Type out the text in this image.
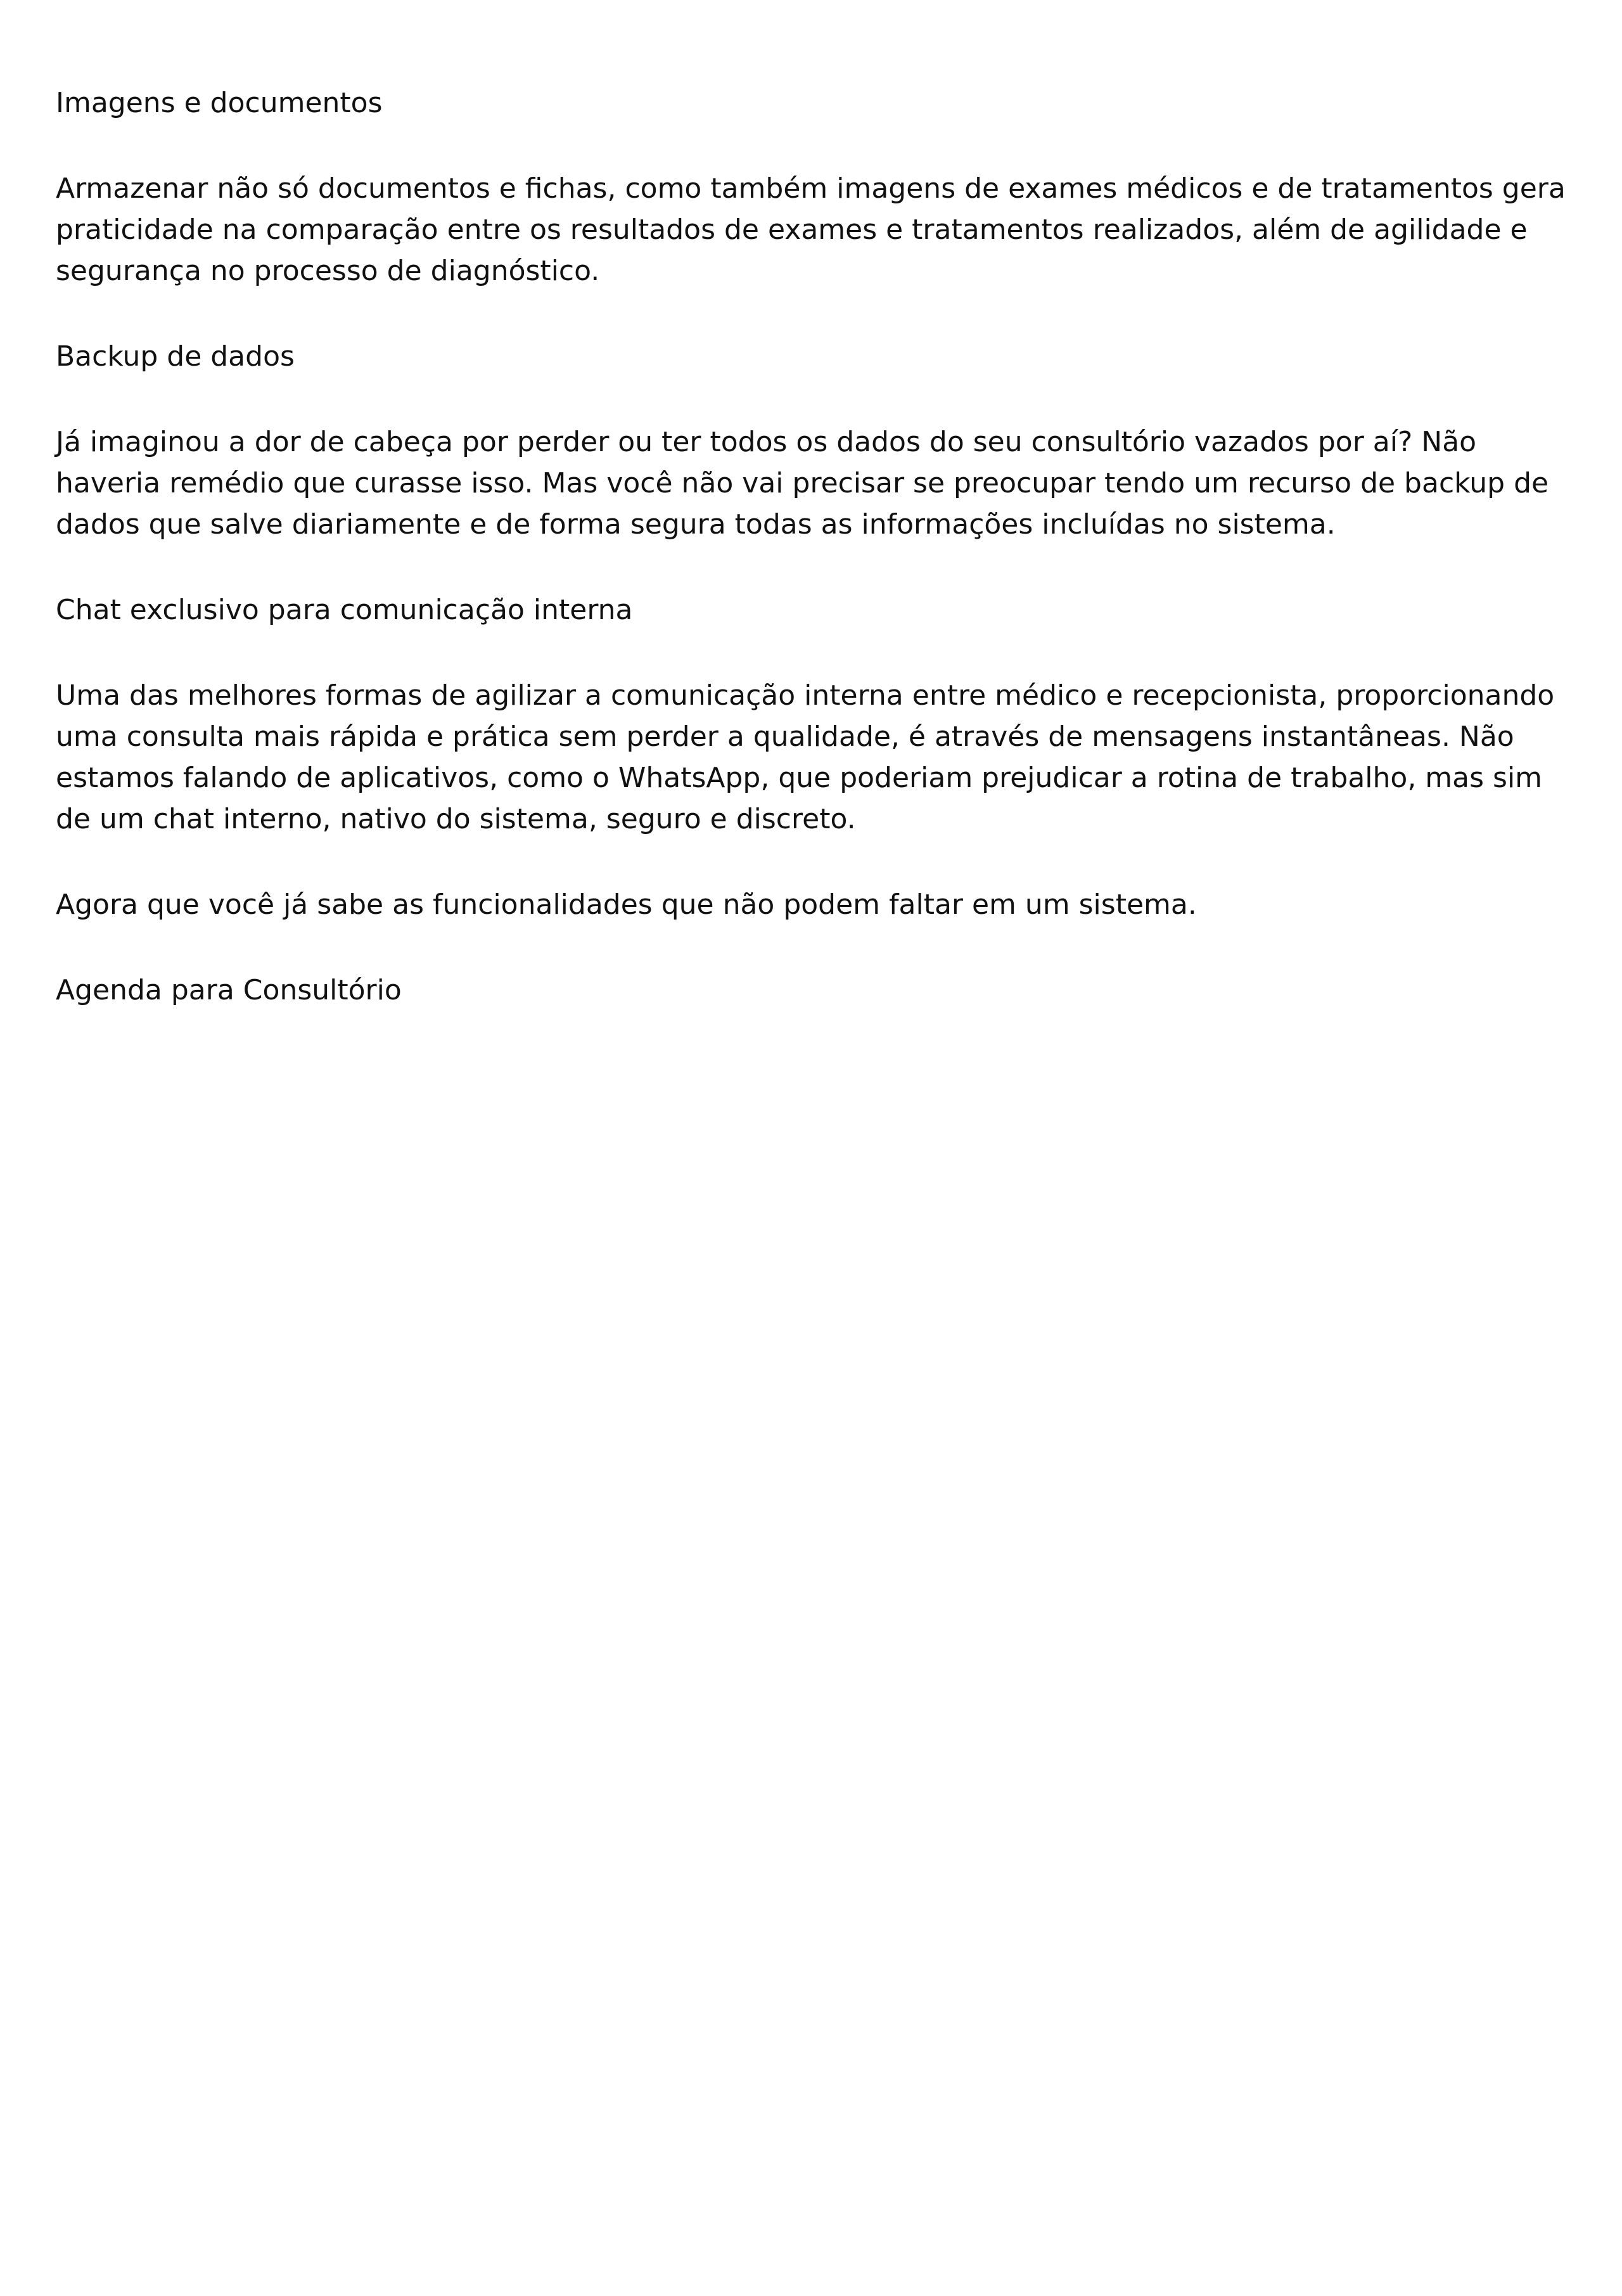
Imagens e documentos

Armazenar não só documentos e fichas, como também imagens de exames médicos e de tratamentos gera praticidade na comparação entre os resultados de exames e tratamentos realizados, além de agilidade e segurança no processo de diagnóstico.

Backup de dados

Já imaginou a dor de cabeça por perder ou ter todos os dados do seu consultório vazados por aí? Não haveria remédio que curasse isso. Mas você não vai precisar se preocupar tendo um recurso de backup de dados que salve diariamente e de forma segura todas as informações incluídas no sistema.

Chat exclusivo para comunicação interna

Uma das melhores formas de agilizar a comunicação interna entre médico e recepcionista, proporcionando uma consulta mais rápida e prática sem perder a qualidade, é através de mensagens instantâneas. Não estamos falando de aplicativos, como o WhatsApp, que poderiam prejudicar a rotina de trabalho, mas sim de um chat interno, nativo do sistema, seguro e discreto.

Agora que você já sabe as funcionalidades que não podem faltar em um sistema.

Agenda para Consultório
